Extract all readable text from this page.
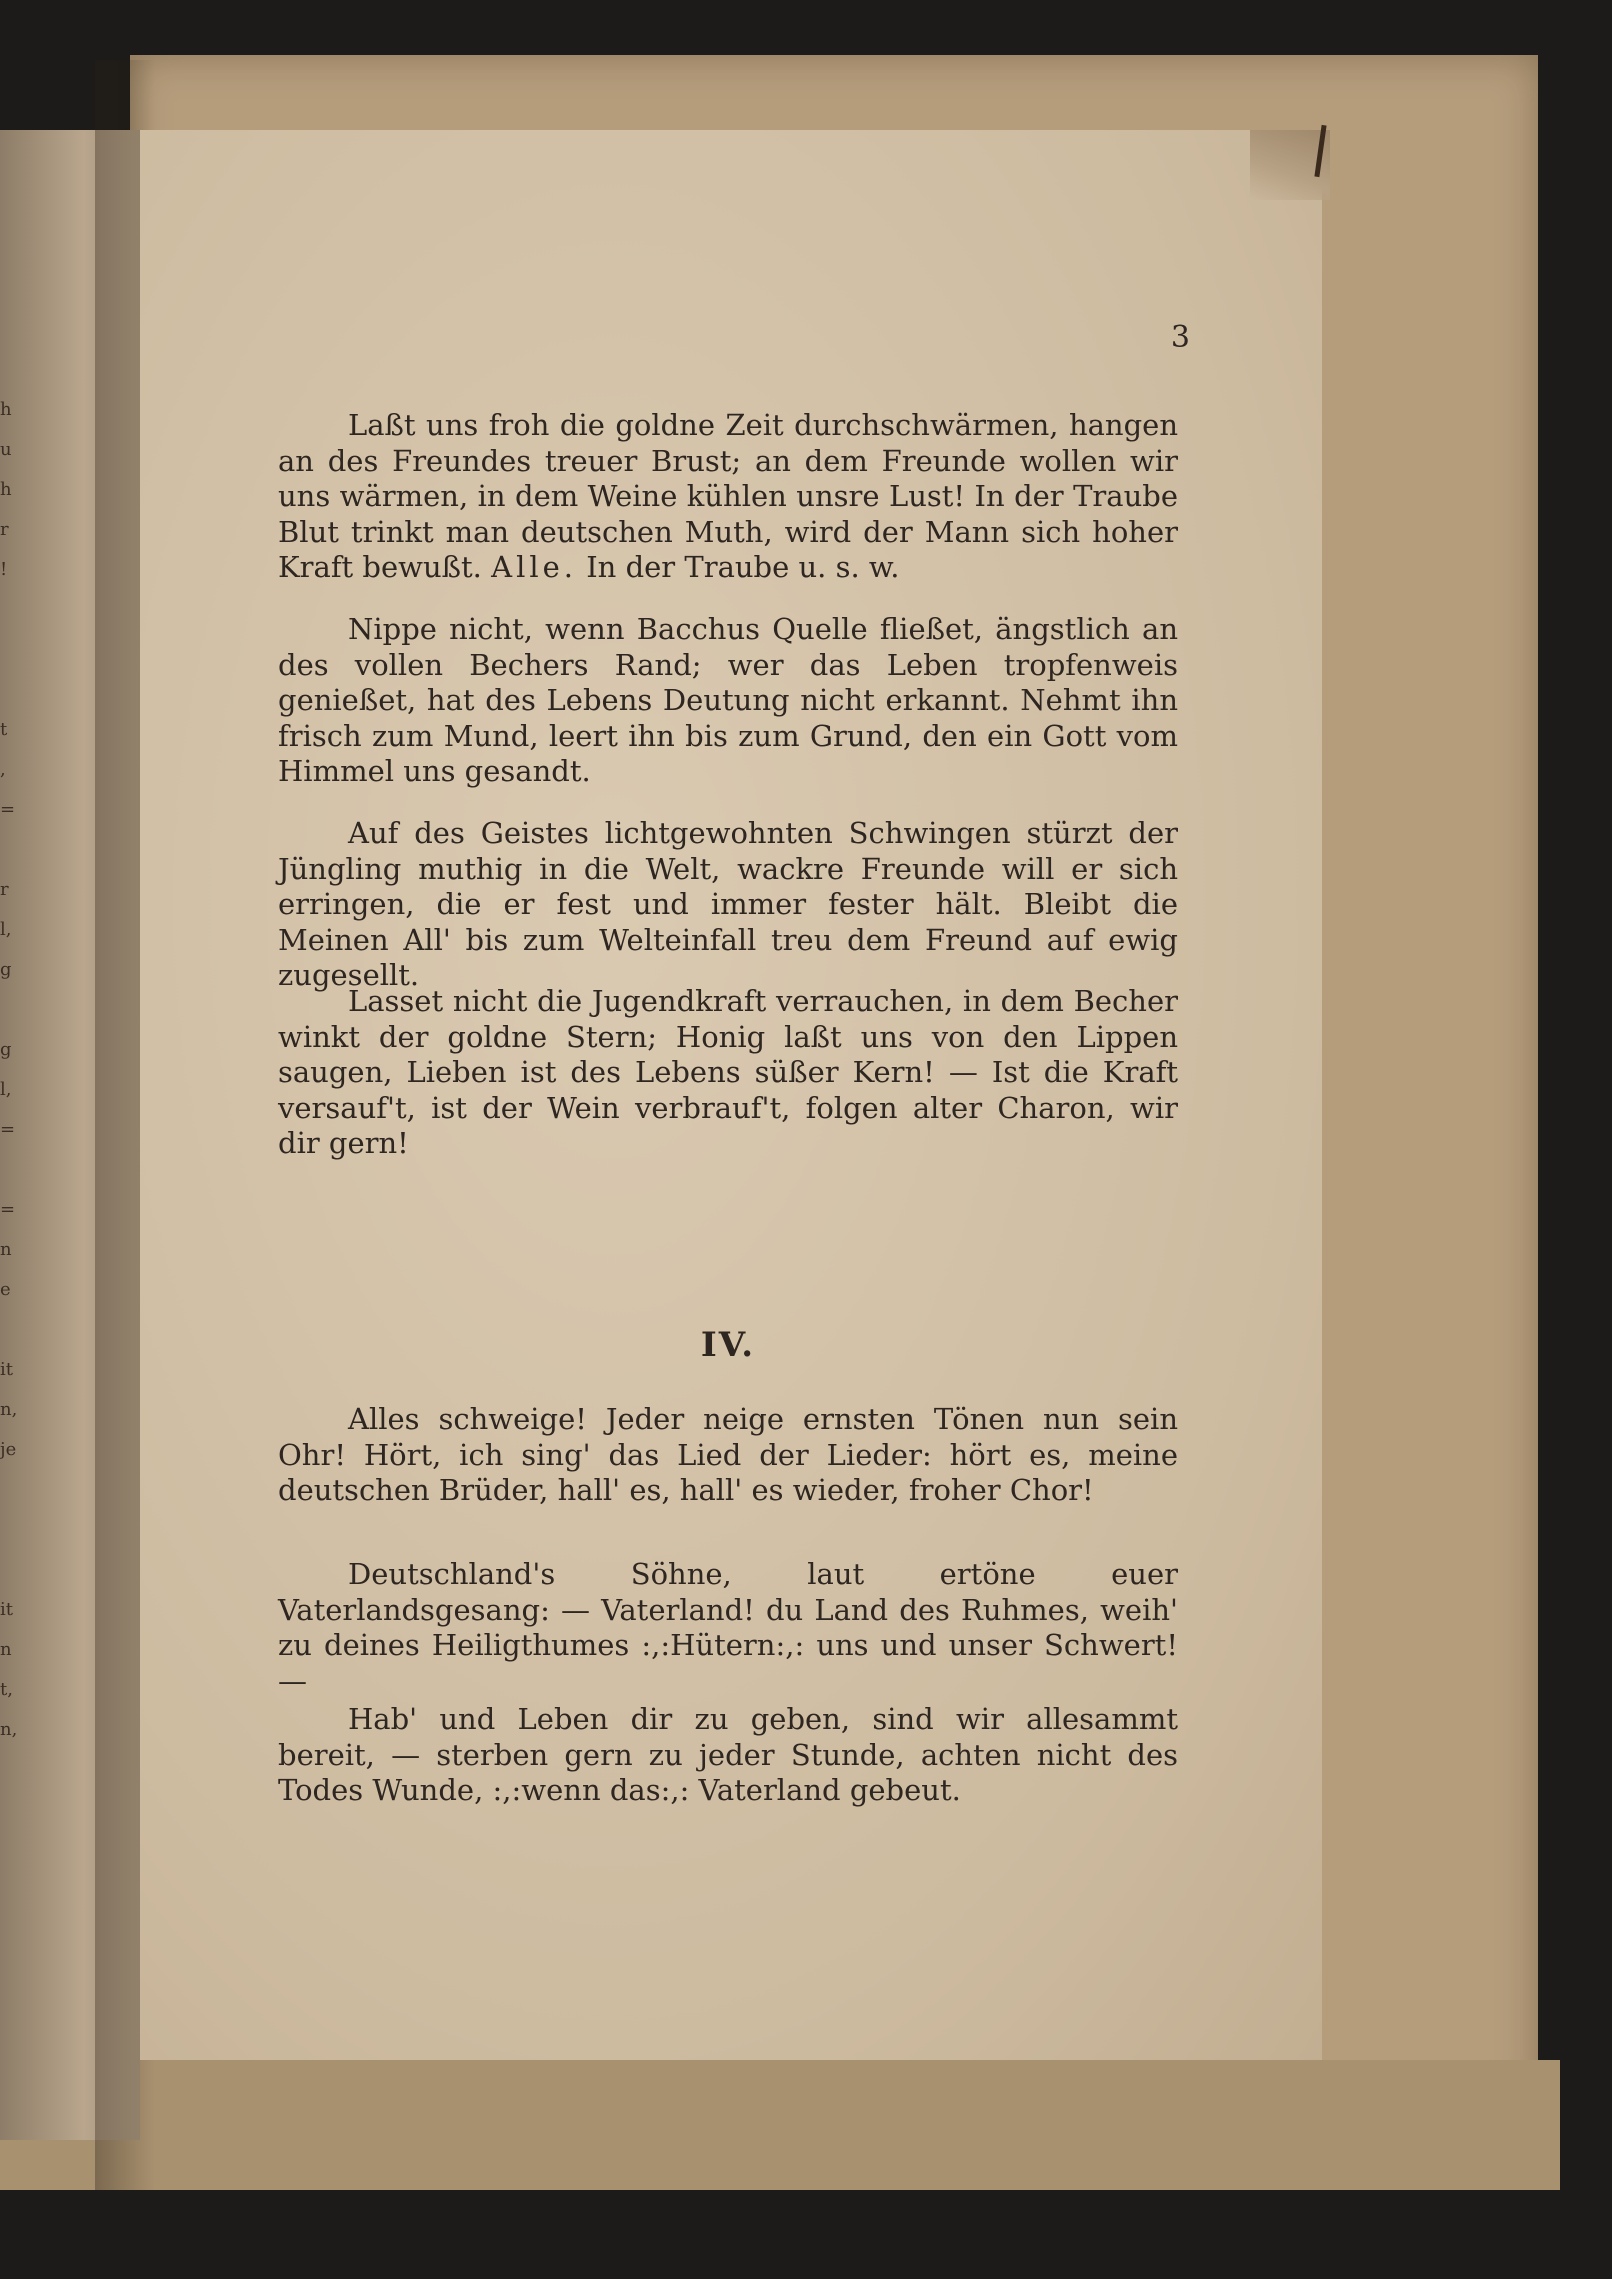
h
u
h
r
!
t
,
=
r
l,
g
g
l,
=
=
n
e
it
n,
je
it
n
t,
n,
3

Laßt uns froh die goldne Zeit durchschwärmen, hangen an des Freundes treuer Brust; an dem Freunde wollen wir uns wärmen, in dem Weine kühlen unsre Lust! In der Traube Blut trinkt man deutschen Muth, wird der Mann sich hoher Kraft bewußt. Alle. In der Traube u. s. w.

Nippe nicht, wenn Bacchus Quelle fließet, ängstlich an des vollen Bechers Rand; wer das Leben tropfenweis genießet, hat des Lebens Deutung nicht erkannt. Nehmt ihn frisch zum Mund, leert ihn bis zum Grund, den ein Gott vom Himmel uns gesandt.

Auf des Geistes lichtgewohnten Schwingen stürzt der Jüngling muthig in die Welt, wackre Freunde will er sich erringen, die er fest und immer fester hält. Bleibt die Meinen All' bis zum Welteinfall treu dem Freund auf ewig zugesellt.

Lasset nicht die Jugendkraft verrauchen, in dem Becher winkt der goldne Stern; Honig laßt uns von den Lippen saugen, Lieben ist des Lebens süßer Kern! — Ist die Kraft versauf't, ist der Wein verbrauf't, folgen alter Charon, wir dir gern!

IV.

Alles schweige! Jeder neige ernsten Tönen nun sein Ohr! Hört, ich sing' das Lied der Lieder: hört es, meine deutschen Brüder, hall' es, hall' es wieder, froher Chor!

Deutschland's Söhne, laut ertöne euer Vaterlandsgesang: — Vaterland! du Land des Ruhmes, weih' zu deines Heiligthumes :,:Hütern:,: uns und unser Schwert! —

Hab' und Leben dir zu geben, sind wir allesammt bereit, — sterben gern zu jeder Stunde, achten nicht des Todes Wunde, :,:wenn das:,: Vaterland gebeut.
